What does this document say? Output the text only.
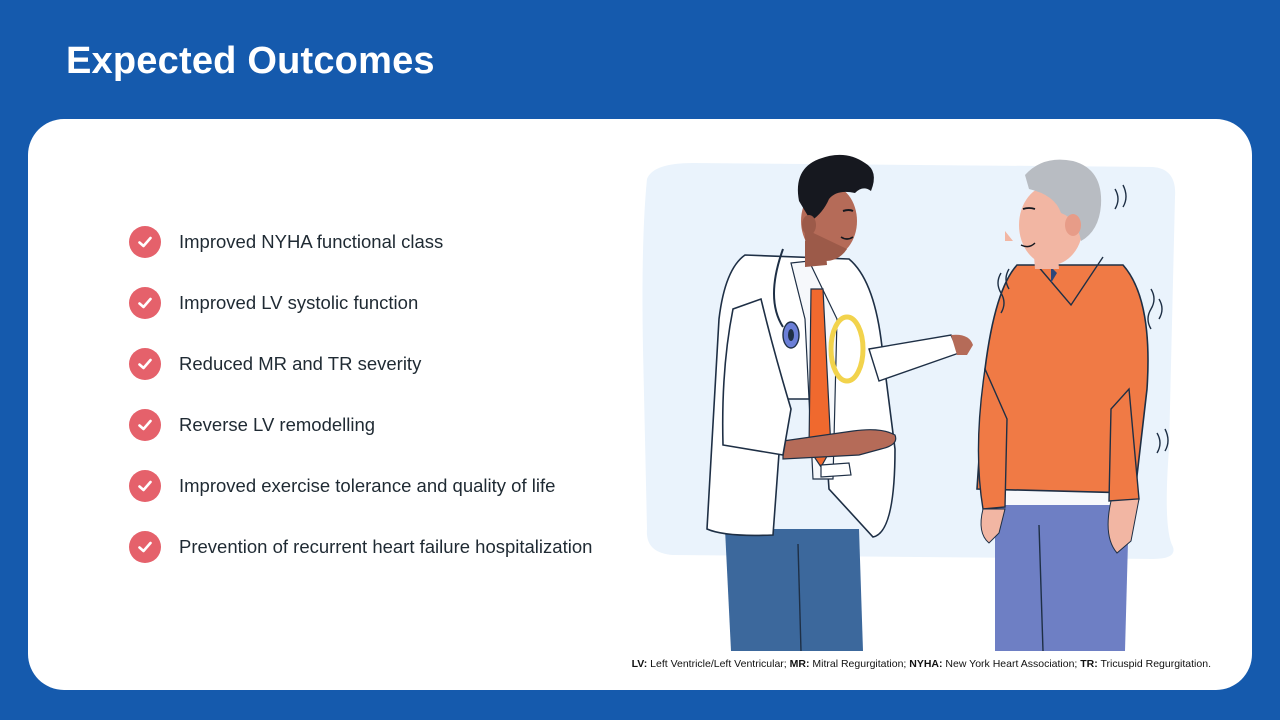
Expected Outcomes
Improved NYHA functional class
Improved LV systolic function
Reduced MR and TR severity
Reverse LV remodelling
Improved exercise tolerance and quality of life
Prevention of recurrent heart failure hospitalization

LV: Left Ventricle/Left Ventricular; MR: Mitral Regurgitation; NYHA: New York Heart Association; TR: Tricuspid Regurgitation.
